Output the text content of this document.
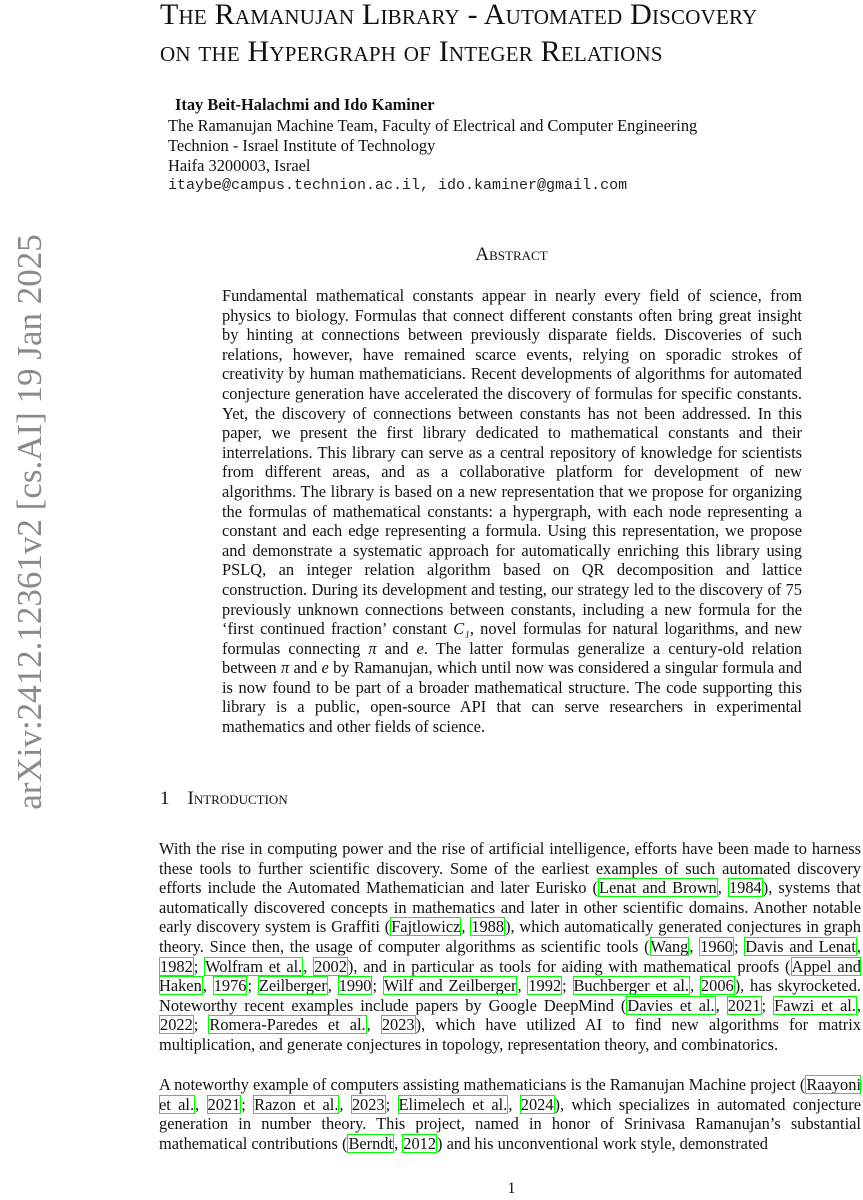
arXiv:2412.12361v2 [cs.AI] 19 Jan 2025
The Ramanujan Library - Automated Discovery
on the Hypergraph of Integer Relations
Itay Beit-Halachmi and Ido Kaminer
The Ramanujan Machine Team, Faculty of Electrical and Computer Engineering
Technion - Israel Institute of Technology
Haifa 3200003, Israel
itaybe@campus.technion.ac.il, ido.kaminer@gmail.com
Abstract
Fundamental mathematical constants appear in nearly every field of science, from physics to biology. Formulas that connect different constants often bring great insight by hinting at connections between previously disparate fields. Discoveries of such relations, however, have remained scarce events, relying on sporadic strokes of creativity by human mathematicians. Recent developments of algorithms for automated conjecture generation have accelerated the discovery of formulas for specific constants. Yet, the discovery of connections between constants has not been addressed. In this paper, we present the first library dedicated to mathematical constants and their interrelations. This library can serve as a central repository of knowledge for scientists from different areas, and as a collaborative platform for development of new algorithms. The library is based on a new representation that we propose for organizing the formulas of mathematical constants: a hypergraph, with each node representing a constant and each edge representing a formula. Using this representation, we propose and demonstrate a systematic approach for automatically enriching this library using PSLQ, an integer relation algorithm based on QR decomposition and lattice construction. During its development and testing, our strategy led to the discovery of 75 previously unknown connections between constants, including a new formula for the ‘first continued fraction’ constant C₁, novel formulas for natural logarithms, and new formulas connecting π and e. The latter formulas generalize a century-old relation between π and e by Ramanujan, which until now was considered a singular formula and is now found to be part of a broader mathematical structure. The code supporting this library is a public, open-source API that can serve researchers in experimental mathematics and other fields of science.
1 Introduction
With the rise in computing power and the rise of artificial intelligence, efforts have been made to harness these tools to further scientific discovery. Some of the earliest examples of such automated discovery efforts include the Automated Mathematician and later Eurisko (Lenat and Brown, 1984), systems that automatically discovered concepts in mathematics and later in other scientific domains. Another notable early discovery system is Graffiti (Fajtlowicz, 1988), which automatically generated conjectures in graph theory. Since then, the usage of computer algorithms as scientific tools (Wang, 1960; Davis and Lenat, 1982; Wolfram et al., 2002), and in particular as tools for aiding with mathematical proofs (Appel and Haken, 1976; Zeilberger, 1990; Wilf and Zeilberger, 1992; Buchberger et al., 2006), has skyrocketed. Noteworthy recent examples include papers by Google DeepMind (Davies et al., 2021; Fawzi et al., 2022; Romera-Paredes et al., 2023), which have utilized AI to find new algorithms for matrix multiplication, and generate conjectures in topology, representation theory, and combinatorics.
A noteworthy example of computers assisting mathematicians is the Ramanujan Machine project (Raayoni et al., 2021; Razon et al., 2023; Elimelech et al., 2024), which specializes in automated conjecture generation in number theory. This project, named in honor of Srinivasa Ramanujan’s substantial mathematical contributions (Berndt, 2012) and his unconventional work style, demonstrated
1
